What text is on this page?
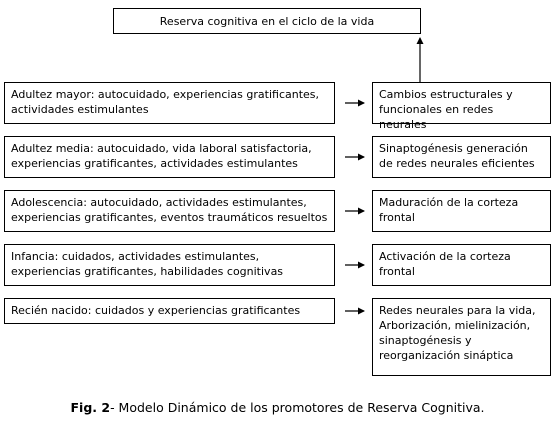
Reserva cognitiva en el ciclo de la vida
Adultez mayor: autocuidado, experiencias gratificantes, actividades estimulantes
Adultez media: autocuidado, vida laboral satisfactoria, experiencias gratificantes, actividades estimulantes
Adolescencia: autocuidado, actividades estimulantes, experiencias gratificantes, eventos traumáticos resueltos
Infancia: cuidados, actividades estimulantes, experiencias gratificantes, habilidades cognitivas
Recién nacido: cuidados y experiencias gratificantes
Cambios estructurales y funcionales en redes neurales
Sinaptogénesis generación de redes neurales eficientes
Maduración de la corteza frontal
Activación de la corteza frontal
Redes neurales para la vida, Arborización, mielinización, sinaptogénesis y reorganización sináptica
Fig. 2- Modelo Dinámico de los promotores de Reserva Cognitiva.
